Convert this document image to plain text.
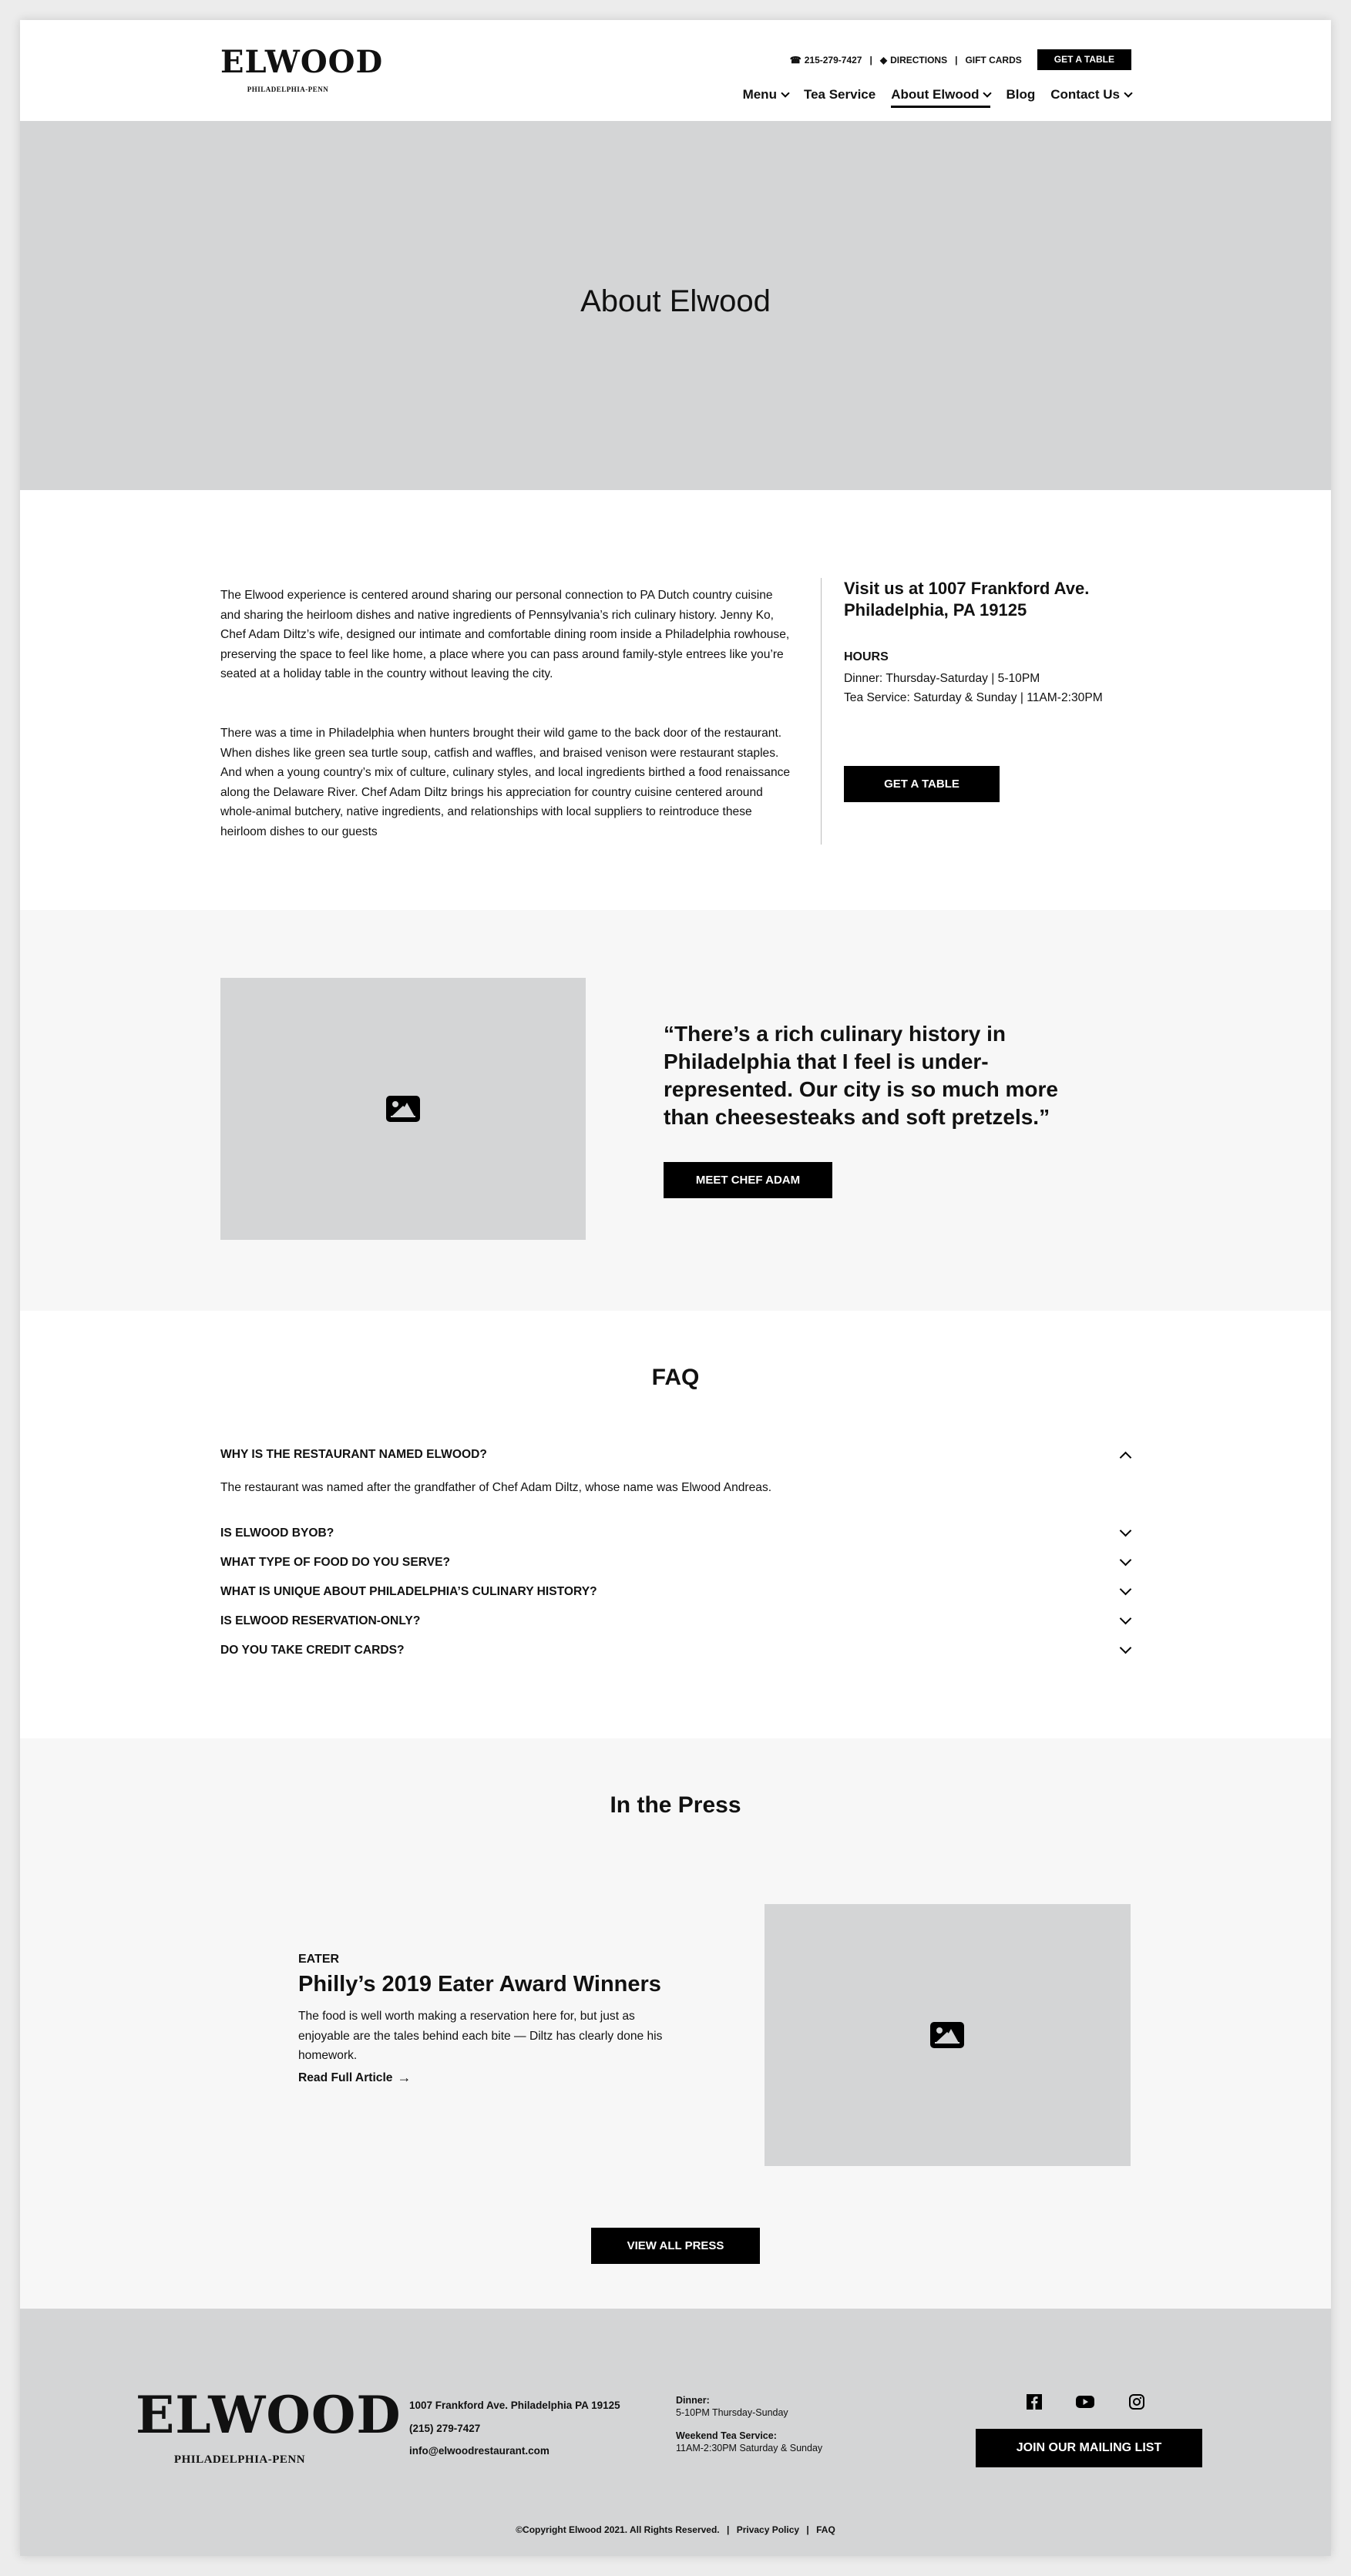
ELWOOD
PHILADELPHIA-PENN
☎ 215-279-7427 | ◆ DIRECTIONS | GIFT CARDS	GET A TABLE
Menu Tea Service About Elwood Blog Contact Us
About Elwood

The Elwood experience is centered around sharing our personal connection to PA Dutch country cuisine and sharing the heirloom dishes and native ingredients of Pennsylvania’s rich culinary history. Jenny Ko, Chef Adam Diltz’s wife, designed our intimate and comfortable dining room inside a Philadelphia rowhouse, preserving the space to feel like home, a place where you can pass around family-style entrees like you’re seated at a holiday table in the country without leaving the city.

There was a time in Philadelphia when hunters brought their wild game to the back door of the restaurant. When dishes like green sea turtle soup, catfish and waffles, and braised venison were restaurant staples. And when a young country’s mix of culture, culinary styles, and local ingredients birthed a food renaissance along the Delaware River. Chef Adam Diltz brings his appreciation for country cuisine centered around whole-animal butchery, native ingredients, and relationships with local suppliers to reintroduce these heirloom dishes to our guests

Visit us at 1007 Frankford Ave. Philadelphia, PA 19125
HOURS
Dinner: Thursday-Saturday | 5-10PM
Tea Service: Saturday & Sunday | 11AM-2:30PM
GET A TABLE
“There’s a rich culinary history in Philadelphia that I feel is under-represented. Our city is so much more than cheesesteaks and soft pretzels.”
MEET CHEF ADAM
FAQ
WHY IS THE RESTAURANT NAMED ELWOOD?
The restaurant was named after the grandfather of Chef Adam Diltz, whose name was Elwood Andreas.
IS ELWOOD BYOB?
WHAT TYPE OF FOOD DO YOU SERVE?
WHAT IS UNIQUE ABOUT PHILADELPHIA’S CULINARY HISTORY?
IS ELWOOD RESERVATION-ONLY?
DO YOU TAKE CREDIT CARDS?
In the Press
EATER
Philly’s 2019 Eater Award Winners
The food is well worth making a reservation here for, but just as enjoyable are the tales behind each bite — Diltz has clearly done his homework.
Read Full Article →
VIEW ALL PRESS
ELWOOD
PHILADELPHIA-PENN
1007 Frankford Ave. Philadelphia PA 19125
(215) 279-7427
info@elwoodrestaurant.com
Dinner:
5-10PM Thursday-Sunday
Weekend Tea Service:
11AM-2:30PM Saturday & Sunday	JOIN OUR MAILING LIST
©Copyright Elwood 2021. All Rights Reserved. | Privacy Policy | FAQ
